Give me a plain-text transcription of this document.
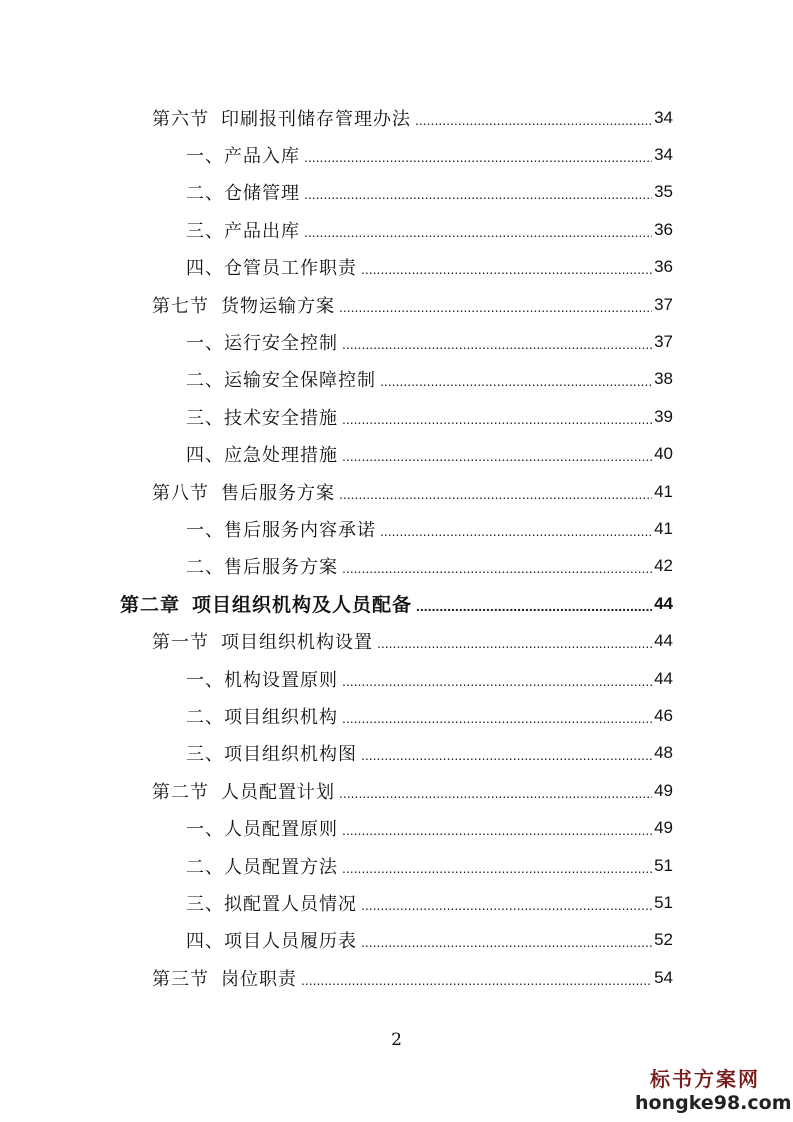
第六节 印刷报刊储存管理办法 .....	34
一、产品入库 .....	34
二、仓储管理 .....	35
三、产品出库 .....	36
四、仓管员工作职责 .....	36
第七节 货物运输方案 .....	37
一、运行安全控制 .....	37
二、运输安全保障控制 .....	38
三、技术安全措施 .....	39
四、应急处理措施 .....	40
第八节 售后服务方案 .....	41
一、售后服务内容承诺 .....	41
二、售后服务方案 .....	42
第二章 项目组织机构及人员配备 .....	44
第一节 项目组织机构设置 .....	44
一、机构设置原则 .....	44
二、项目组织机构 .....	46
三、项目组织机构图 .....	48
第二节 人员配置计划 .....	49
一、人员配置原则 .....	49
二、人员配置方法 .....	51
三、拟配置人员情况 .....	51
四、项目人员履历表 .....	52
第三节 岗位职责 .....	54
2
标书方案网
hongke98.com
